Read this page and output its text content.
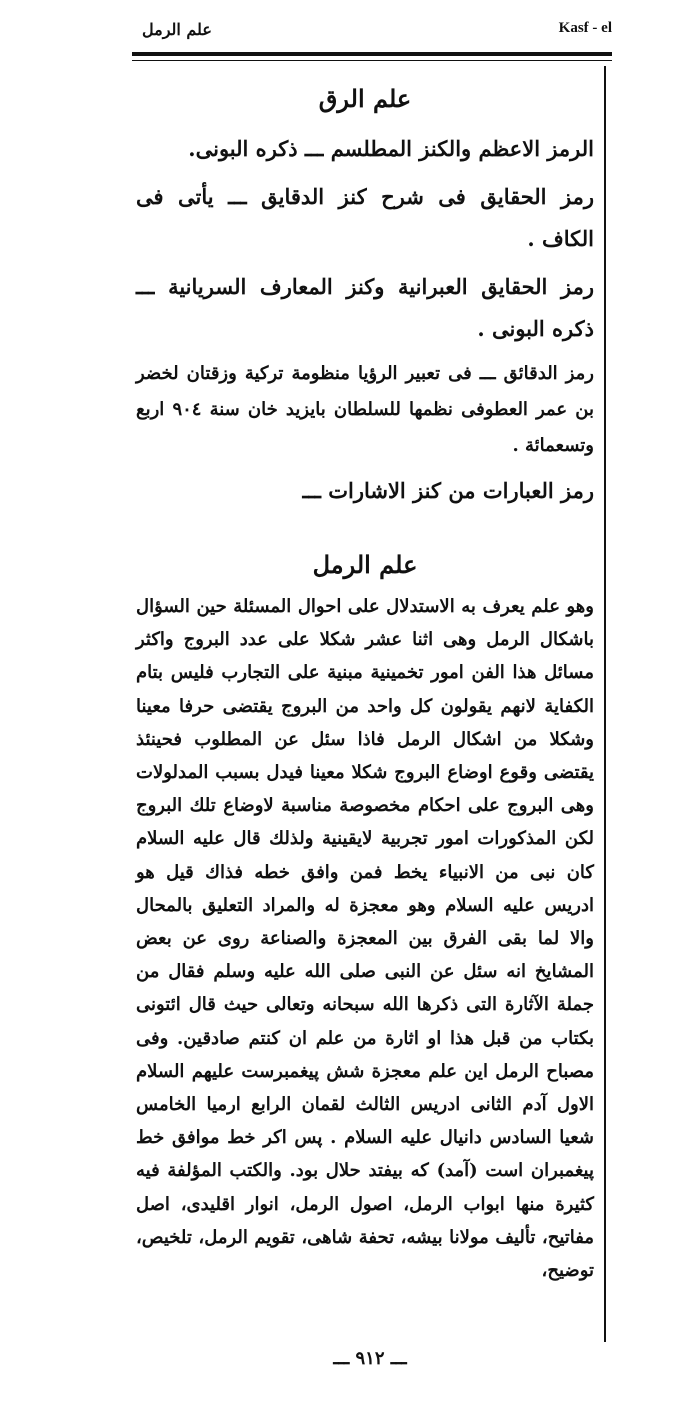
علم الرمل	Kasf - el
علم الرق

الرمز الاعظم والكنز المطلسم ـــ ذكره البونى.

رمز الحقايق فى شرح كنز الدقايق ـــ يأتى فى الكاف .

رمز الحقايق العبرانية وكنز المعارف السريانية ـــ ذكره البونى .

رمز الدقائق ـــ فى تعبير الرؤيا منظومة تركية وزقتان لخضر بن عمر العطوفى نظمها للسلطان بايزيد خان سنة ٩٠٤ اربع وتسعمائة .

رمز العبارات من كنز الاشارات ـــ

علم الرمل

وهو علم يعرف به الاستدلال على احوال المسئلة حين السؤال باشكال الرمل وهى اثنا عشر شكلا على عدد البروج واكثر مسائل هذا الفن امور تخمينية مبنية على التجارب فليس بتام الكفاية لانهم يقولون كل واحد من البروج يقتضى حرفا معينا وشكلا من اشكال الرمل فاذا سئل عن المطلوب فحينئذ يقتضى وقوع اوضاع البروج شكلا معينا فيدل بسبب المدلولات وهى البروج على احكام مخصوصة مناسبة لاوضاع تلك البروج لكن المذكورات امور تجربية لايقينية ولذلك قال عليه السلام كان نبى من الانبياء يخط فمن وافق خطه فذاك قيل هو ادريس عليه السلام وهو معجزة له والمراد التعليق بالمحال والا لما بقى الفرق بين المعجزة والصناعة روى عن بعض المشايخ انه سئل عن النبى صلى الله عليه وسلم فقال من جملة الآثارة التى ذكرها الله سبحانه وتعالى حيث قال ائتونى بكتاب من قبل هذا او اثارة من علم ان كنتم صادقين. وفى مصباح الرمل اين علم معجزة شش پيغمبرست عليهم السلام الاول آدم الثانى ادريس الثالث لقمان الرابع ارميا الخامس شعيا السادس دانيال عليه السلام . پس اكر خط موافق خط پيغمبران است (آمد) كه بيفتد حلال بود. والكتب المؤلفة فيه كثيرة منها ابواب الرمل، اصول الرمل، انوار اقليدى، اصل مفاتيح، تأليف مولانا بيشه، تحفة شاهى، تقويم الرمل، تلخيص، توضيح،

ـــ ٩١٢ ـــ
